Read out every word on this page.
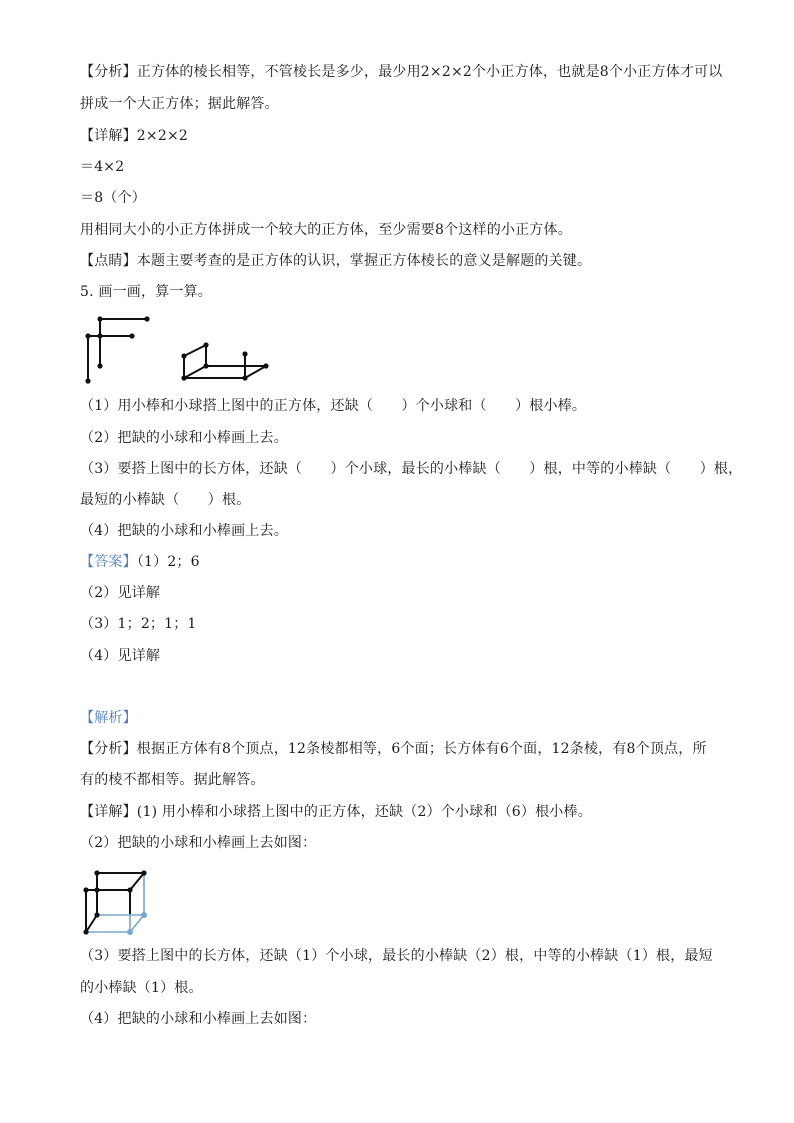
【分析】正方体的棱长相等，不管棱长是多少，最少用2×2×2个小正方体，也就是8个小正方体才可以
拼成一个大正方体；据此解答。
【详解】2×2×2
＝4×2
＝8（个）
用相同大小的小正方体拼成一个较大的正方体，至少需要8个这样的小正方体。
【点睛】本题主要考查的是正方体的认识，掌握正方体棱长的意义是解题的关键。
5. 画一画，算一算。
（1）用小棒和小球搭上图中的正方体，还缺（　　）个小球和（　　）根小棒。
（2）把缺的小球和小棒画上去。
（3）要搭上图中的长方体，还缺（　　）个小球，最长的小棒缺（　　）根，中等的小棒缺（　　）根，
最短的小棒缺（　　）根。
（4）把缺的小球和小棒画上去。
【答案】（1）2；6
（2）见详解
（3）1；2；1；1
（4）见详解
【解析】
【分析】根据正方体有8个顶点，12条棱都相等，6个面；长方体有6个面，12条棱，有8个顶点，所
有的棱不都相等。据此解答。
【详解】(1) 用小棒和小球搭上图中的正方体，还缺（2）个小球和（6）根小棒。
（2）把缺的小球和小棒画上去如图：
（3）要搭上图中的长方体，还缺（1）个小球，最长的小棒缺（2）根，中等的小棒缺（1）根，最短
的小棒缺（1）根。
（4）把缺的小球和小棒画上去如图：
